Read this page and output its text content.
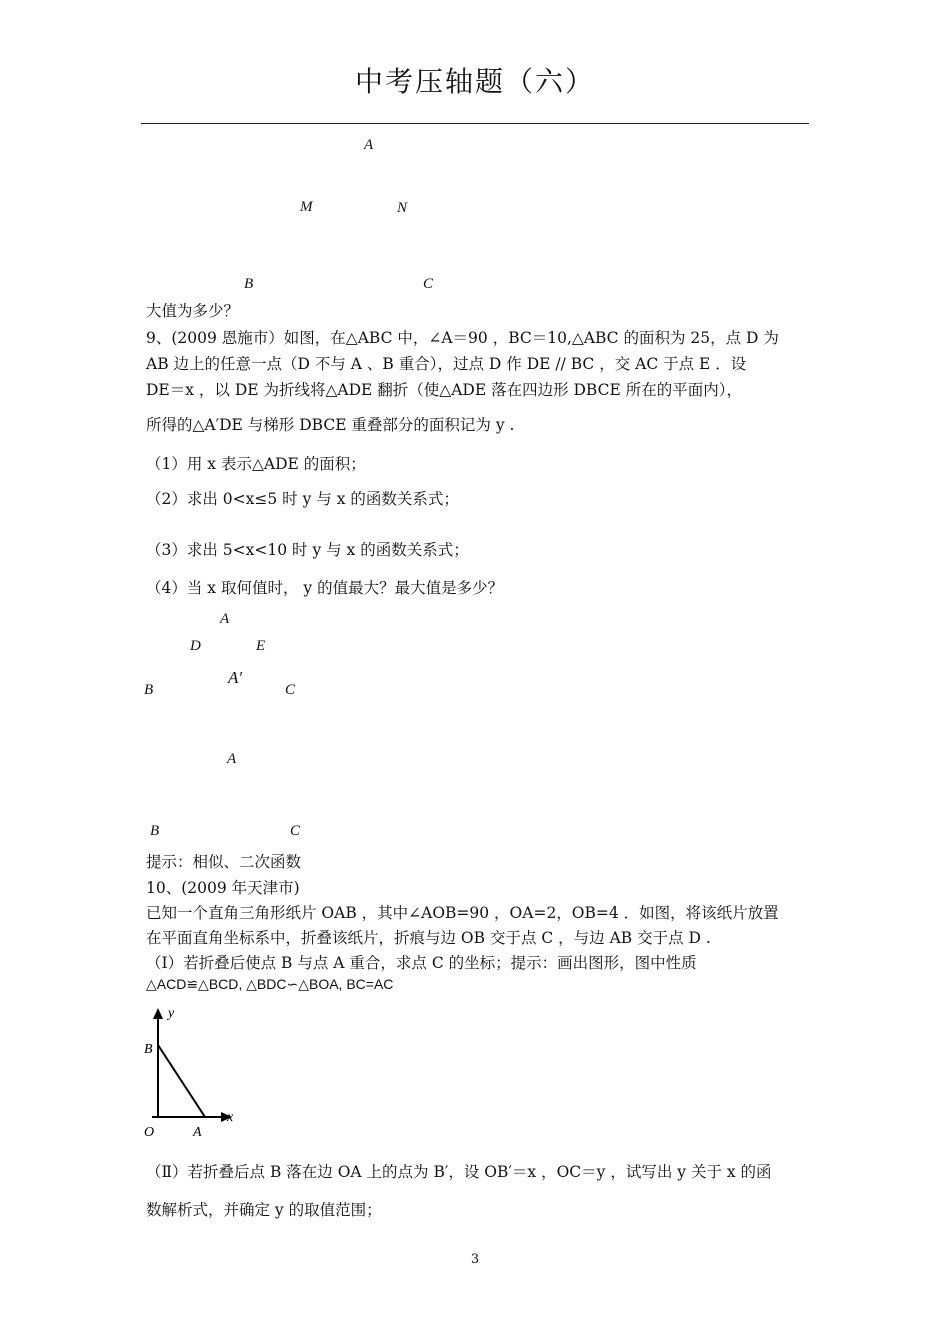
中考压轴题（六）
A
M	N
B	C
大值为多少？
9、(2009 恩施市）如图，在△ABC 中，∠A＝90 ，BC＝10,△ABC 的面积为 25，点 D 为
AB 边上的任意一点（D 不与 A 、B 重合），过点 D 作 DE // BC ，交 AC 于点 E ．设
DE＝x ，以 DE 为折线将△ADE 翻折（使△ADE 落在四边形 DBCE 所在的平面内），
所得的△A′DE 与梯形 DBCE 重叠部分的面积记为 y .
（1）用 x 表示△ADE 的面积；
（2）求出 0<x≤5 时 y 与 x 的函数关系式；
（3）求出 5<x<10 时 y 与 x 的函数关系式；
（4）当 x 取何值时， y 的值最大？最大值是多少？
A
D	E
A′
B	C
A
B	C
提示：相似、二次函数
10、(2009 年天津市)
已知一个直角三角形纸片 OAB ，其中∠AOB=90 ，OA=2，OB=4 ．如图，将该纸片放置
在平面直角坐标系中，折叠该纸片，折痕与边 OB 交于点 C ，与边 AB 交于点 D .
（Ⅰ）若折叠后使点 B 与点 A 重合，求点 C 的坐标；提示：画出图形，图中性质
△ACD≌△BCD, △BDC∽△BOA, BC=AC
y
B
x
O	A
（Ⅱ）若折叠后点 B 落在边 OA 上的点为 B′，设 OB′＝x ，OC＝y ，试写出 y 关于 x 的函
数解析式，并确定 y 的取值范围；
3
